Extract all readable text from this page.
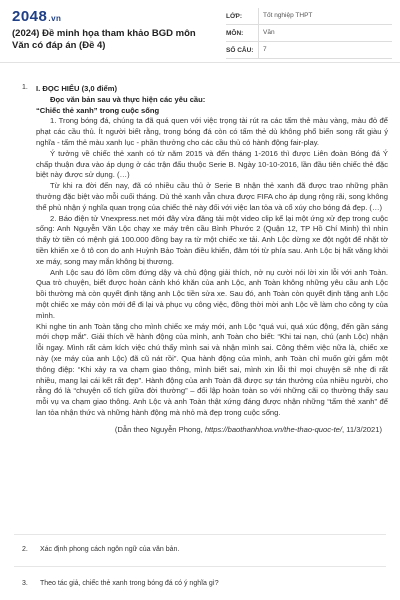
2048.vn
(2024) Đề minh họa tham khảo BGD môn Văn có đáp án (Đề 4)
LỚP:	Tốt nghiệp THPT
MÔN:	Văn
SỐ CÂU:	7
1. I. ĐỌC HIỂU (3,0 điểm)
Đọc văn bản sau và thực hiện các yêu cầu:
“Chiếc thẻ xanh” trong cuộc sống

1. Trong bóng đá, chúng ta đã quá quen với việc trọng tài rút ra các tấm thẻ màu vàng, màu đỏ để phạt các cầu thủ. Ít người biết rằng, trong bóng đá còn có tấm thẻ dù không phổ biến song rất giàu ý nghĩa - tấm thẻ màu xanh lục - phần thưởng cho các cầu thủ có hành động fair-play.

Ý tưởng về chiếc thẻ xanh có từ năm 2015 và đến tháng 1-2016 thì được Liên đoàn Bóng đá Ý chấp thuận đưa vào áp dụng ở các trận đấu thuộc Serie B. Ngày 10-10-2016, lần đầu tiên chiếc thẻ đặc biệt này được sử dụng. (…)

Từ khi ra đời đến nay, đã có nhiều cầu thủ ở Serie B nhận thẻ xanh đã được trao những phần thưởng đặc biệt vào mỗi cuối tháng. Dù thẻ xanh vẫn chưa được FIFA cho áp dụng rộng rãi, song không thể phủ nhận ý nghĩa quan trọng của chiếc thẻ này đối với việc lan tỏa và cổ xúy cho bóng đá đẹp. (…)

2. Báo điện tử Vnexpress.net mới đây vừa đăng tải một video clip kể lại một ứng xử đẹp trong cuộc sống: Anh Nguyễn Văn Lộc chạy xe máy trên cầu Bình Phước 2 (Quận 12, TP Hồ Chí Minh) thì nhìn thấy tờ tiền có mệnh giá 100.000 đồng bay ra từ một chiếc xe tải. Anh Lộc dừng xe đột ngột để nhặt tờ tiền khiến xe ô tô con do anh Huỳnh Bảo Toàn điều khiển, đâm tới từ phía sau. Anh Lộc bị hất văng khỏi xe máy, song may mắn không bị thương.

Anh Lộc sau đó lồm cồm đứng dậy và chủ động giải thích, nở nụ cười nói lời xin lỗi với anh Toàn. Qua trò chuyện, biết được hoàn cảnh khó khăn của anh Lộc, anh Toàn không những yêu cầu anh Lộc bồi thường mà còn quyết định tặng anh Lộc tiền sửa xe. Sau đó, anh Toàn còn quyết định tặng anh Lộc một chiếc xe máy còn mới để đi lại và phục vụ công việc, đồng thời mời anh Lộc về làm cho công ty của mình.

Khi nghe tin anh Toàn tặng cho mình chiếc xe máy mới, anh Lộc “quá vui, quá xúc động, đến gần sáng mới chợp mắt”. Giải thích về hành động của mình, anh Toàn cho biết: “Khi tai nạn, chú (anh Lộc) nhận lỗi ngay. Mình rất cảm kích việc chú thấy mình sai và nhận mình sai. Công thêm việc nữa là, chiếc xe này (xe máy của anh Lộc) đã cũ nát rồi”. Qua hành động của mình, anh Toàn chỉ muốn gửi gắm một thông điệp: “Khi xảy ra va chạm giao thông, mình biết sai, mình xin lỗi thì mọi chuyện sẽ nhẹ đi rất nhiều, mang lại cái kết rất đẹp”. Hành động của anh Toàn đã được sự tán thưởng của nhiều người, cho rằng đó là “chuyện cổ tích giữa đời thường” – đối lập hoàn toàn so với những cãi cọ thường thấy sau mỗi vụ va chạm giao thông. Anh Lộc và anh Toàn thật xứng đáng được nhận những “tấm thẻ xanh” để lan tỏa nhận thức và những hành động mà nhỏ mà đẹp trong cuộc sống.

(Dẫn theo Nguyễn Phong, https://baothanhhoa.vn/the-thao-quoc-te/, 11/3/2021)
2.	Xác định phong cách ngôn ngữ của văn bản.
3.	Theo tác giả, chiếc thẻ xanh trong bóng đá có ý nghĩa gì?
